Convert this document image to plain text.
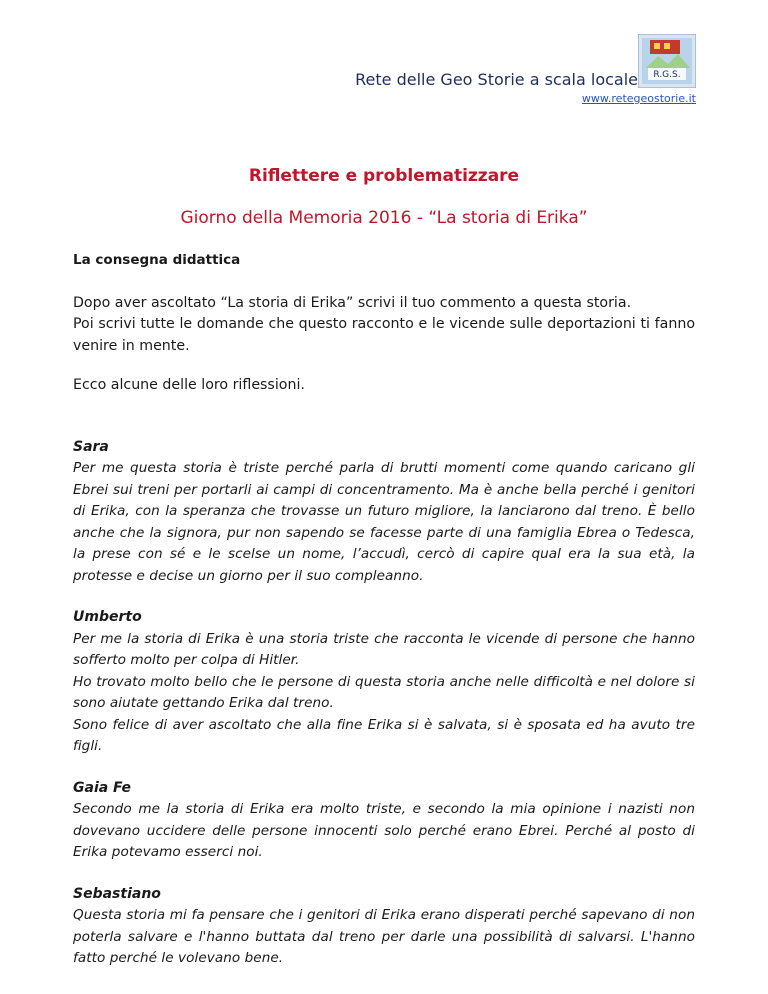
R.G.S.
Rete delle Geo Storie a scala locale
www.retegeostorie.it
Riflettere e problematizzare
Giorno della Memoria 2016 - “La storia di Erika”

La consegna didattica

Dopo aver ascoltato “La storia di Erika” scrivi il tuo commento a questa storia.

Poi scrivi tutte le domande che questo racconto e le vicende sulle deportazioni ti fanno venire in mente.

Ecco alcune delle loro riflessioni.

Sara

Per me questa storia è triste perché parla di brutti momenti come quando caricano gli Ebrei sui treni per portarli ai campi di concentramento. Ma è anche bella perché i genitori di Erika, con la speranza che trovasse un futuro migliore, la lanciarono dal treno. È bello anche che la signora, pur non sapendo se facesse parte di una famiglia Ebrea o Tedesca, la prese con sé e le scelse un nome, l’accudì, cercò di capire qual era la sua età, la protesse e decise un giorno per il suo compleanno.

Umberto

Per me la storia di Erika è una storia triste che racconta le vicende di persone che hanno sofferto molto per colpa di Hitler.

Ho trovato molto bello che le persone di questa storia anche nelle difficoltà e nel dolore si sono aiutate gettando Erika dal treno.

Sono felice di aver ascoltato che alla fine Erika si è salvata, si è sposata ed ha avuto tre figli.

Gaia Fe

Secondo me la storia di Erika era molto triste, e secondo la mia opinione i nazisti non dovevano uccidere delle persone innocenti solo perché erano Ebrei. Perché al posto di Erika potevamo esserci noi.

Sebastiano

Questa storia mi fa pensare che i genitori di Erika erano disperati perché sapevano di non poterla salvare e l'hanno buttata dal treno per darle una possibilità di salvarsi. L'hanno fatto perché le volevano bene.
